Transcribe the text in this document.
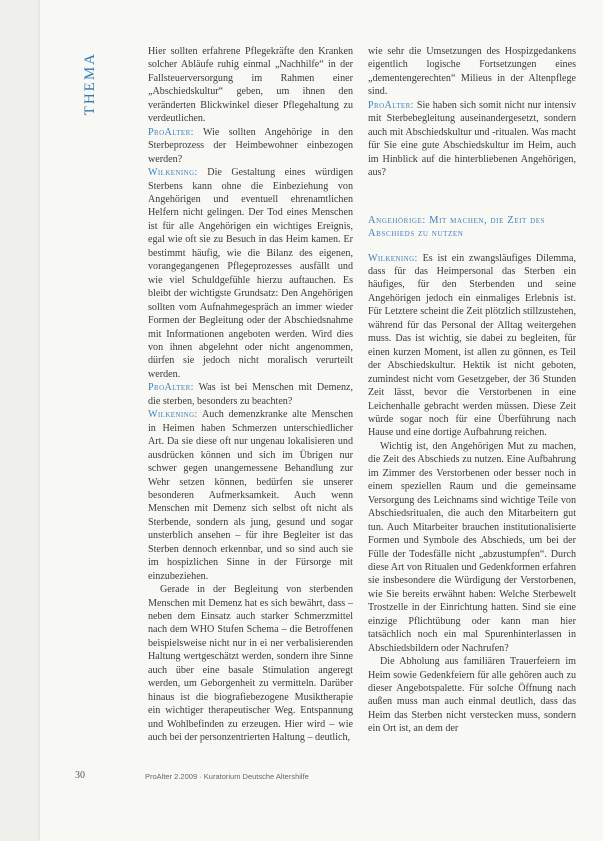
THEMA

Hier sollten erfahrene Pflegekräfte den Kranken solcher Abläufe ruhig einmal „Nachhilfe“ in der Fallsteuerversorgung im Rahmen einer „Abschiedskultur“ geben, um ihnen den veränderten Blickwinkel dieser Pflegehaltung zu verdeutlichen.

ProAlter: Wie sollten Angehörige in den Sterbeprozess der Heimbewohner einbezogen werden?

Wilkening: Die Gestaltung eines würdigen Sterbens kann ohne die Einbeziehung von Angehörigen und eventuell ehrenamtlichen Helfern nicht gelingen. Der Tod eines Menschen ist für alle Angehörigen ein wichtiges Ereignis, egal wie oft sie zu Besuch in das Heim kamen. Er bestimmt häufig, wie die Bilanz des eigenen, vorangegangenen Pflegeprozesses ausfällt und wie viel Schuldgefühle hierzu auftauchen. Es bleibt der wichtigste Grundsatz: Den Angehörigen sollten vom Aufnahmegespräch an immer wieder Formen der Begleitung oder der Abschiedsnahme mit Informationen angeboten werden. Wird dies von ihnen abgelehnt oder nicht angenommen, dürfen sie jedoch nicht moralisch verurteilt werden.

ProAlter: Was ist bei Menschen mit Demenz, die sterben, besonders zu beachten?

Wilkening: Auch demenzkranke alte Menschen in Heimen haben Schmerzen unterschiedlicher Art. Da sie diese oft nur ungenau lokalisieren und ausdrücken können und sich im Übrigen nur schwer gegen unangemessene Behandlung zur Wehr setzen können, bedürfen sie unserer besonderen Aufmerksamkeit. Auch wenn Menschen mit Demenz sich selbst oft nicht als Sterbende, sondern als jung, gesund und sogar unsterblich ansehen – für ihre Begleiter ist das Sterben dennoch erkennbar, und so sind auch sie im hospizlichen Sinne in der Fürsorge mit einzubeziehen.

Gerade in der Begleitung von sterbenden Menschen mit Demenz hat es sich bewährt, dass – neben dem Einsatz auch starker Schmerzmittel nach dem WHO Stufen Schema – die Betroffenen beispielsweise nicht nur in ei ner verbalisierenden Haltung wertgeschätzt werden, sondern ihre Sinne auch über eine basale Stimulation angeregt werden, um Geborgenheit zu vermitteln. Darüber hinaus ist die biografiebezogene Musiktherapie ein wichtiger therapeutischer Weg. Entspannung und Wohlbefinden zu erzeugen. Hier wird – wie auch bei der personzentrierten Haltung – deutlich,

wie sehr die Umsetzungen des Hospizgedankens eigentlich logische Fortsetzungen eines „dementengerechten“ Milieus in der Altenpflege sind.

ProAlter: Sie haben sich somit nicht nur intensiv mit Sterbebegleitung auseinandergesetzt, sondern auch mit Abschiedskultur und -ritualen. Was macht für Sie eine gute Abschiedskultur im Heim, auch im Hinblick auf die hinterbliebenen Angehörigen, aus?

Angehörige: Mit machen, die Zeit des Abschieds zu nutzen

Wilkening: Es ist ein zwangsläufiges Dilemma, dass für das Heimpersonal das Sterben ein häufiges, für den Sterbenden und seine Angehörigen jedoch ein einmaliges Erlebnis ist. Für Letztere scheint die Zeit plötzlich stillzustehen, während für das Personal der Alltag weitergehen muss. Das ist wichtig, sie dabei zu begleiten, für einen kurzen Moment, ist allen zu gönnen, es Teil der Abschiedskultur. Hektik ist nicht geboten, zumindest nicht vom Gesetzgeber, der 36 Stunden Zeit lässt, bevor die Verstorbenen in eine Leichenhalle gebracht werden müssen. Diese Zeit würde sogar noch für eine Überführung nach Hause und eine dortige Aufbahrung reichen.

Wichtig ist, den Angehörigen Mut zu machen, die Zeit des Abschieds zu nutzen. Eine Aufbahrung im Zimmer des Verstorbenen oder besser noch in einem speziellen Raum und die gemeinsame Versorgung des Leichnams sind wichtige Teile von Abschiedsritualen, die auch den Mitarbeitern gut tun. Auch Mitarbeiter brauchen institutionalisierte Formen und Symbole des Abschieds, um bei der Fülle der Todesfälle nicht „abzustumpfen“. Durch diese Art von Ritualen und Gedenkformen erfahren sie insbesondere die Würdigung der Verstorbenen, wie Sie bereits erwähnt haben: Welche Sterbewelt Trostzelle in der Einrichtung hatten. Sind sie eine einzige Pflichtübung oder kann man hier tatsächlich noch ein mal Spurenhinterlassen in Abschiedsbildern oder Nachrufen?

Die Abholung aus familiären Trauerfeiern im Heim sowie Gedenkfeiern für alle gehören auch zu dieser Angebotspalette. Für solche Öffnung nach außen muss man auch einmal deutlich, dass das Heim das Sterben nicht verstecken muss, sondern ein Ort ist, an dem der

30	ProAlter 2.2009 · Kuratorium Deutsche Altershilfe
